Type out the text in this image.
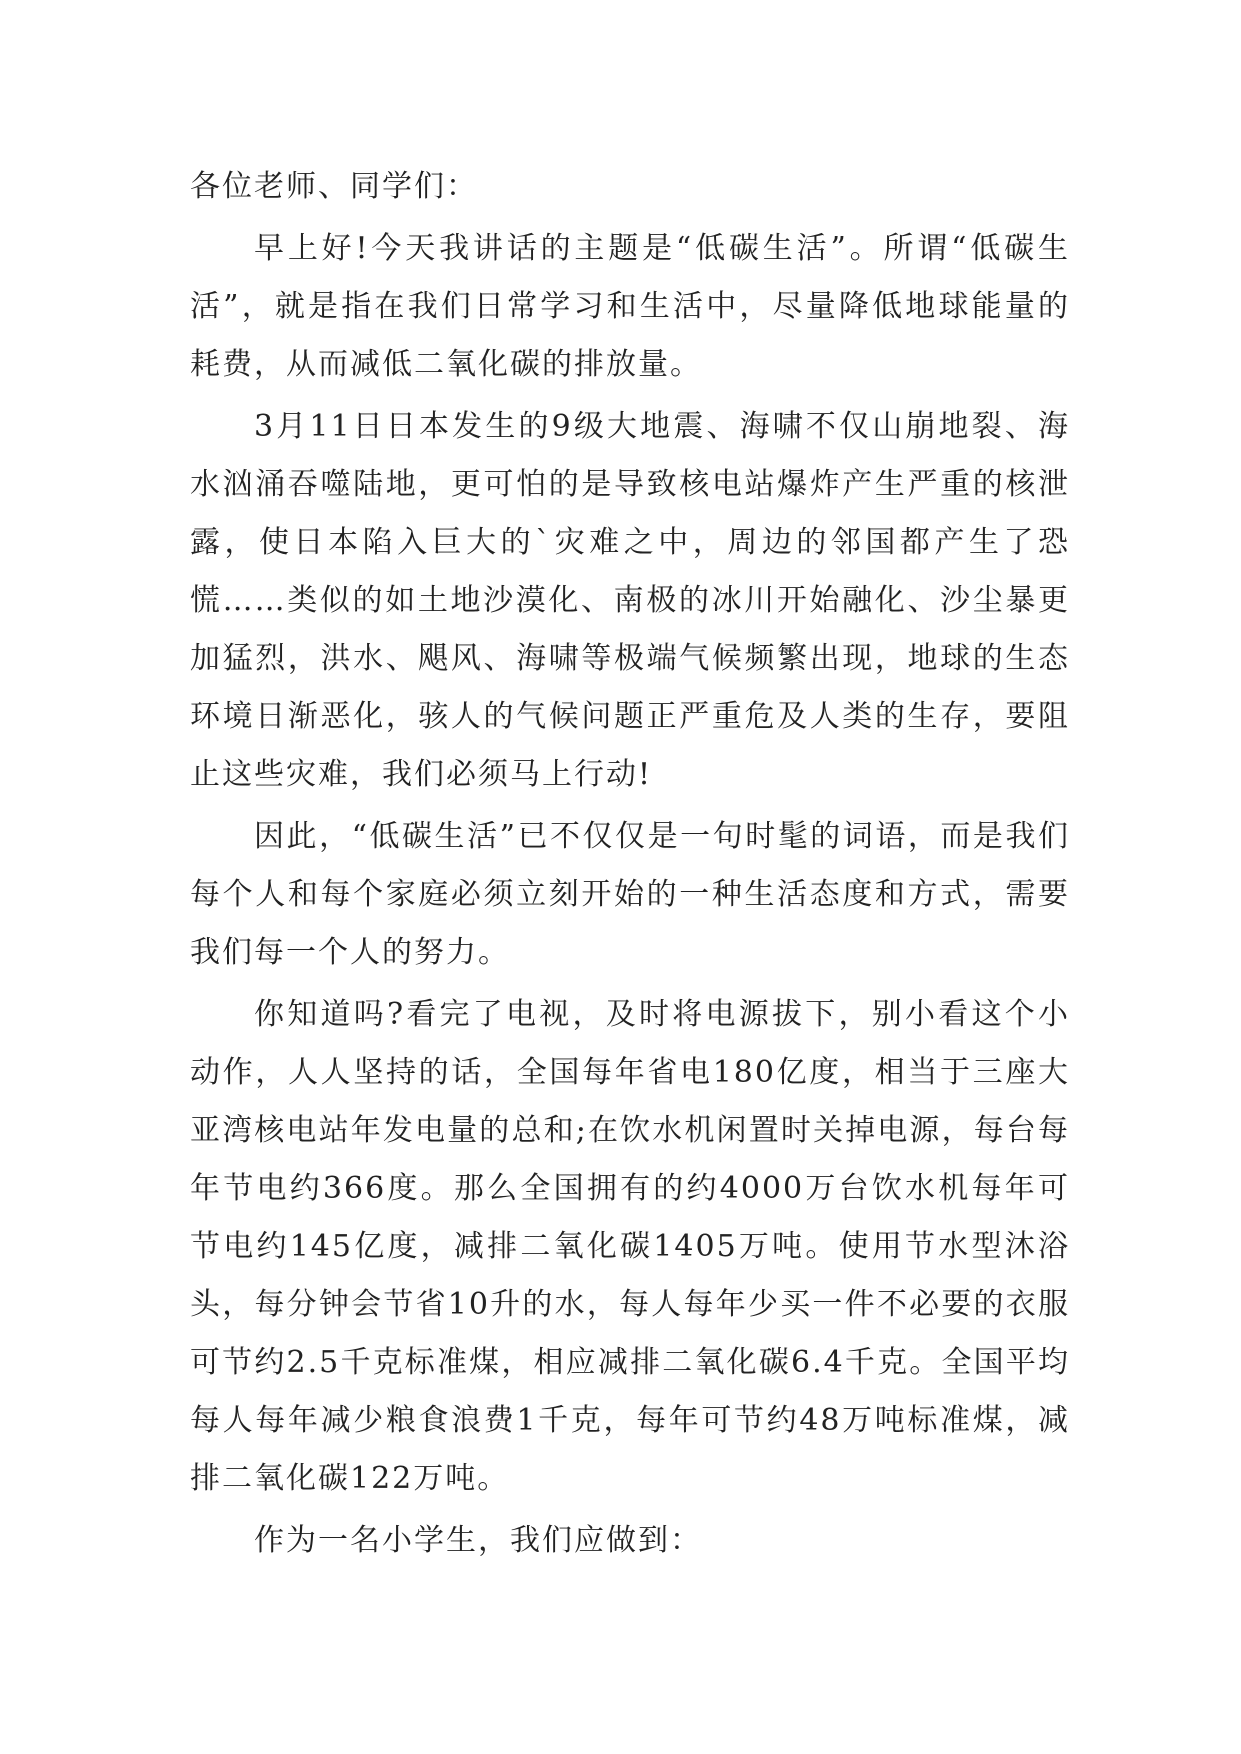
各位老师、同学们：

早上好!今天我讲话的主题是“低碳生活”。所谓“低碳生活”，就是指在我们日常学习和生活中，尽量降低地球能量的耗费，从而减低二氧化碳的排放量。

3月11日日本发生的9级大地震、海啸不仅山崩地裂、海水汹涌吞噬陆地，更可怕的是导致核电站爆炸产生严重的核泄露，使日本陷入巨大的`灾难之中，周边的邻国都产生了恐慌……类似的如土地沙漠化、南极的冰川开始融化、沙尘暴更加猛烈，洪水、飓风、海啸等极端气候频繁出现，地球的生态环境日渐恶化，骇人的气候问题正严重危及人类的生存，要阻止这些灾难，我们必须马上行动!

因此，“低碳生活”已不仅仅是一句时髦的词语，而是我们每个人和每个家庭必须立刻开始的一种生活态度和方式，需要我们每一个人的努力。

你知道吗?看完了电视，及时将电源拔下，别小看这个小动作，人人坚持的话，全国每年省电180亿度，相当于三座大亚湾核电站年发电量的总和;在饮水机闲置时关掉电源，每台每年节电约366度。那么全国拥有的约4000万台饮水机每年可节电约145亿度，减排二氧化碳1405万吨。使用节水型沐浴头，每分钟会节省10升的水，每人每年少买一件不必要的衣服可节约2.5千克标准煤，相应减排二氧化碳6.4千克。全国平均每人每年减少粮食浪费1千克，每年可节约48万吨标准煤，减排二氧化碳122万吨。

作为一名小学生，我们应做到：
